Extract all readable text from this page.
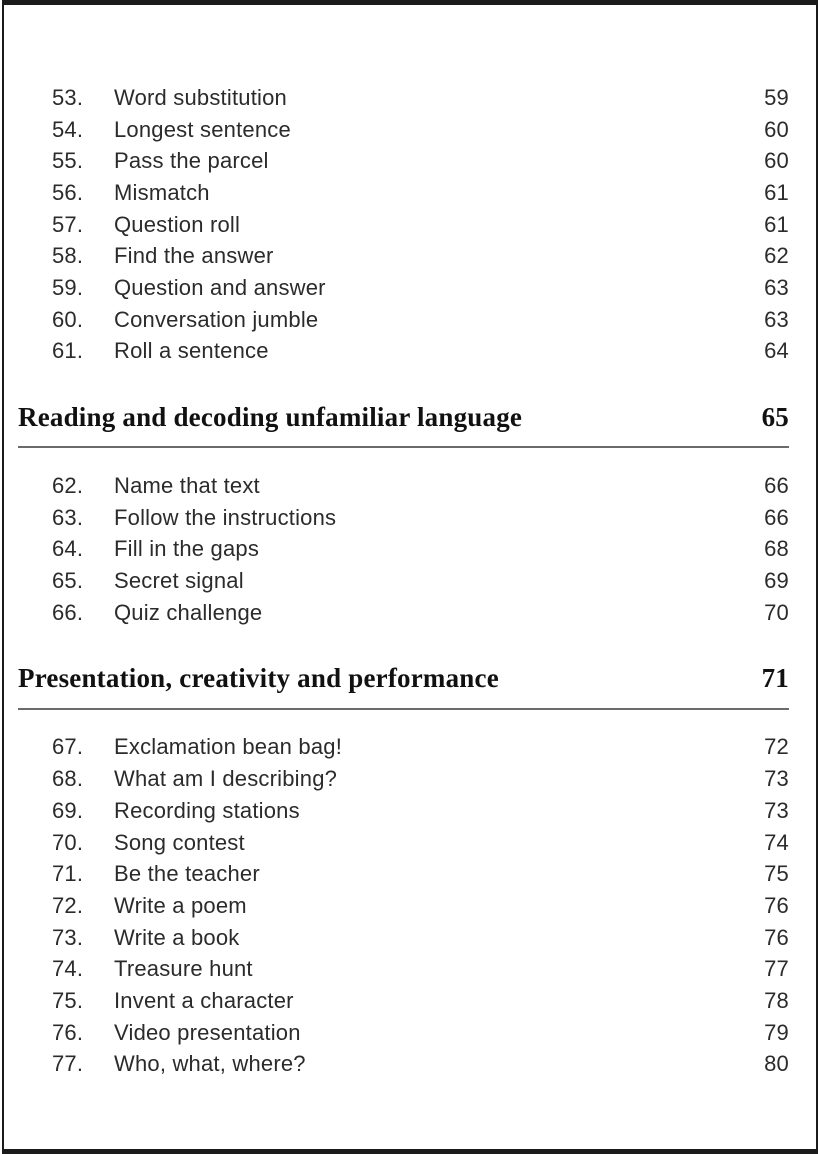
53.	Word substitution	59
54.	Longest sentence	60
55.	Pass the parcel	60
56.	Mismatch	61
57.	Question roll	61
58.	Find the answer	62
59.	Question and answer	63
60.	Conversation jumble	63
61.	Roll a sentence	64
Reading and decoding unfamiliar language	65
62.	Name that text	66
63.	Follow the instructions	66
64.	Fill in the gaps	68
65.	Secret signal	69
66.	Quiz challenge	70
Presentation, creativity and performance	71
67.	Exclamation bean bag!	72
68.	What am I describing?	73
69.	Recording stations	73
70.	Song contest	74
71.	Be the teacher	75
72.	Write a poem	76
73.	Write a book	76
74.	Treasure hunt	77
75.	Invent a character	78
76.	Video presentation	79
77.	Who, what, where?	80
